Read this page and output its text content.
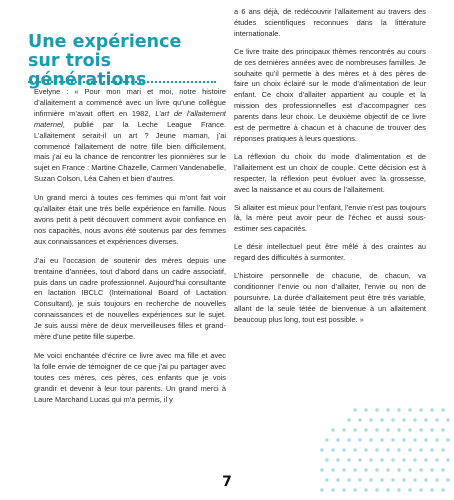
Une expérience sur trois générations

Evelyne : « Pour mon mari et moi, notre histoire d’allaitement a commencé avec un livre qu’une collègue infirmière m’avait offert en 1982, L’art de l’allaitement maternel, publié par la Leche League France. L’allaitement serait-il un art ? Jeune maman, j’ai commencé l’allaitement de notre fille bien difficilement, mais j’ai eu la chance de rencontrer les pionnières sur le sujet en France : Martine Chazelle, Carmen Vandenabelle, Suzan Colson, Léa Cahen et bien d’autres.

Un grand merci à toutes ces femmes qui m’ont fait voir qu’allaiter était une très belle expérience en famille. Nous avons petit à petit découvert comment avoir confiance en nos capacités, nous avons été soutenus par des femmes aux connaissances et expériences diverses.

J’ai eu l’occasion de soutenir des mères depuis une trentaine d’années, tout d’abord dans un cadre associatif, puis dans un cadre professionnel. Aujourd’hui consultante en lactation IBCLC (International Board of Lactation Consultant), je suis toujours en recherche de nouvelles connaissances et de nouvelles expériences sur le sujet. Je suis aussi mère de deux merveilleuses filles et grand-mère d’une petite fille superbe.

Me voici enchantée d’écrire ce livre avec ma fille et avec la folle envie de témoigner de ce que j’ai pu partager avec toutes ces mères, ces pères, ces enfants que je vois grandir et devenir à leur tour parents. Un grand merci à Laure Marchand Lucas qui m’a permis, il y

a 6 ans déjà, de redécouvrir l’allaitement au travers des études scientifiques reconnues dans la littérature internationale.

Ce livre traite des principaux thèmes rencontrés au cours de ces dernières années avec de nombreuses familles. Je souhaite qu’il permette à des mères et à des pères de faire un choix éclairé sur le mode d’alimentation de leur enfant. Ce choix d’allaiter appartient au couple et la mission des professionnelles est d’accompagner ces parents dans leur choix. Le deuxième objectif de ce livre est de permettre à chacun et à chacune de trouver des réponses pratiques à leurs questions.

La réflexion du choix du mode d’alimentation et de l’allaitement est un choix de couple. Cette décision est à respecter, la réflexion peut évoluer avec la grossesse, avec la naissance et au cours de l’allaitement.

Si allaiter est mieux pour l’enfant, l’envie n’est pas toujours là, la mère peut avoir peur de l’échec et aussi sous-estimer ses capacités.

Le désir intellectuel peut être mêlé à des craintes au regard des difficultés à surmonter.

L’histoire personnelle de chacune, de chacun, va conditionner l’envie ou non d’allaiter, l’envie ou non de poursuivre. La durée d’allaitement peut être très variable, allant de la seule tétée de bienvenue à un allaitement beaucoup plus long, tout est possible. »

7
